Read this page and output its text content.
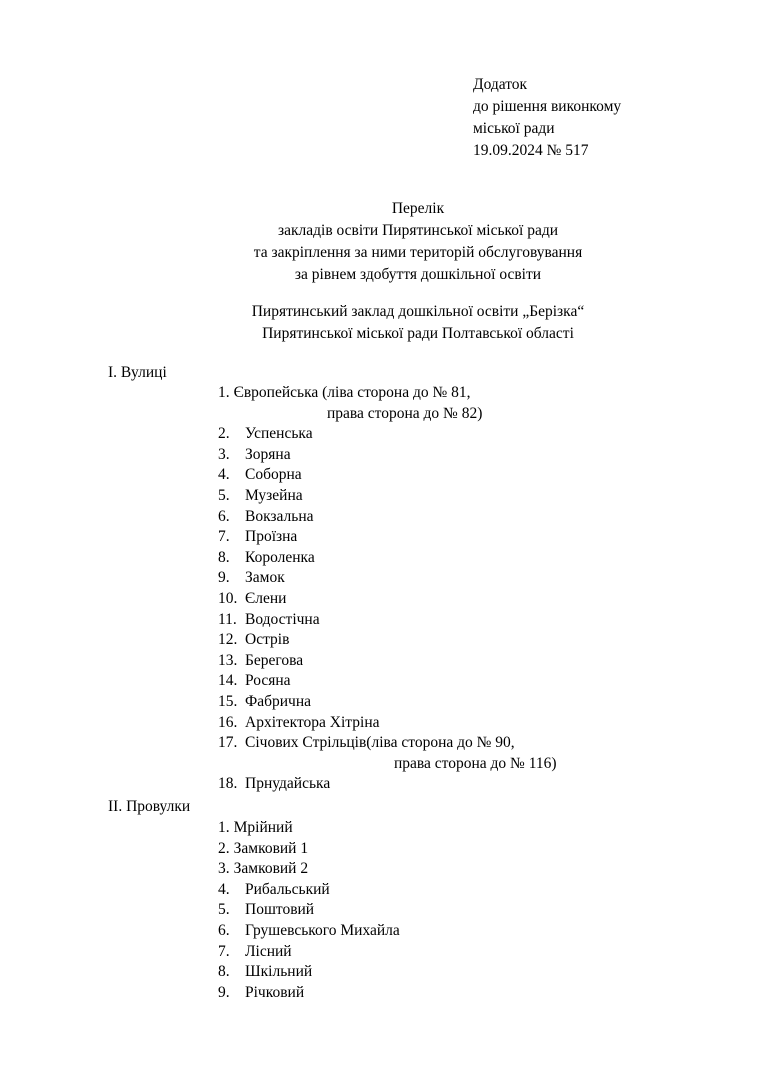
Додаток
до рішення виконкому
міської ради
19.09.2024 № 517
Перелік
закладів освіти Пирятинської міської ради
та закріплення за ними територій обслуговування
за рівнем здобуття дошкільної освіти
Пирятинський заклад дошкільної освіти „Берізка“
Пирятинської міської ради Полтавської області
І. Вулиці
1. Європейська (ліва сторона до № 81,
права сторона до № 82)
2. Успенська
3. Зоряна
4. Соборна
5. Музейна
6. Вокзальна
7. Проїзна
8. Короленка
9. Замок
10. Єлени
11. Водостічна
12. Острів
13. Берегова
14. Росяна
15. Фабрична
16. Архітектора Хітріна
17. Січових Стрільців(ліва сторона до № 90,
права сторона до № 116)
18. Прнудайська
ІІ. Провулки
1. Мрійний
2. Замковий 1
3. Замковий 2
4. Рибальський
5. Поштовий
6. Грушевського Михайла
7. Лісний
8. Шкільний
9. Річковий
